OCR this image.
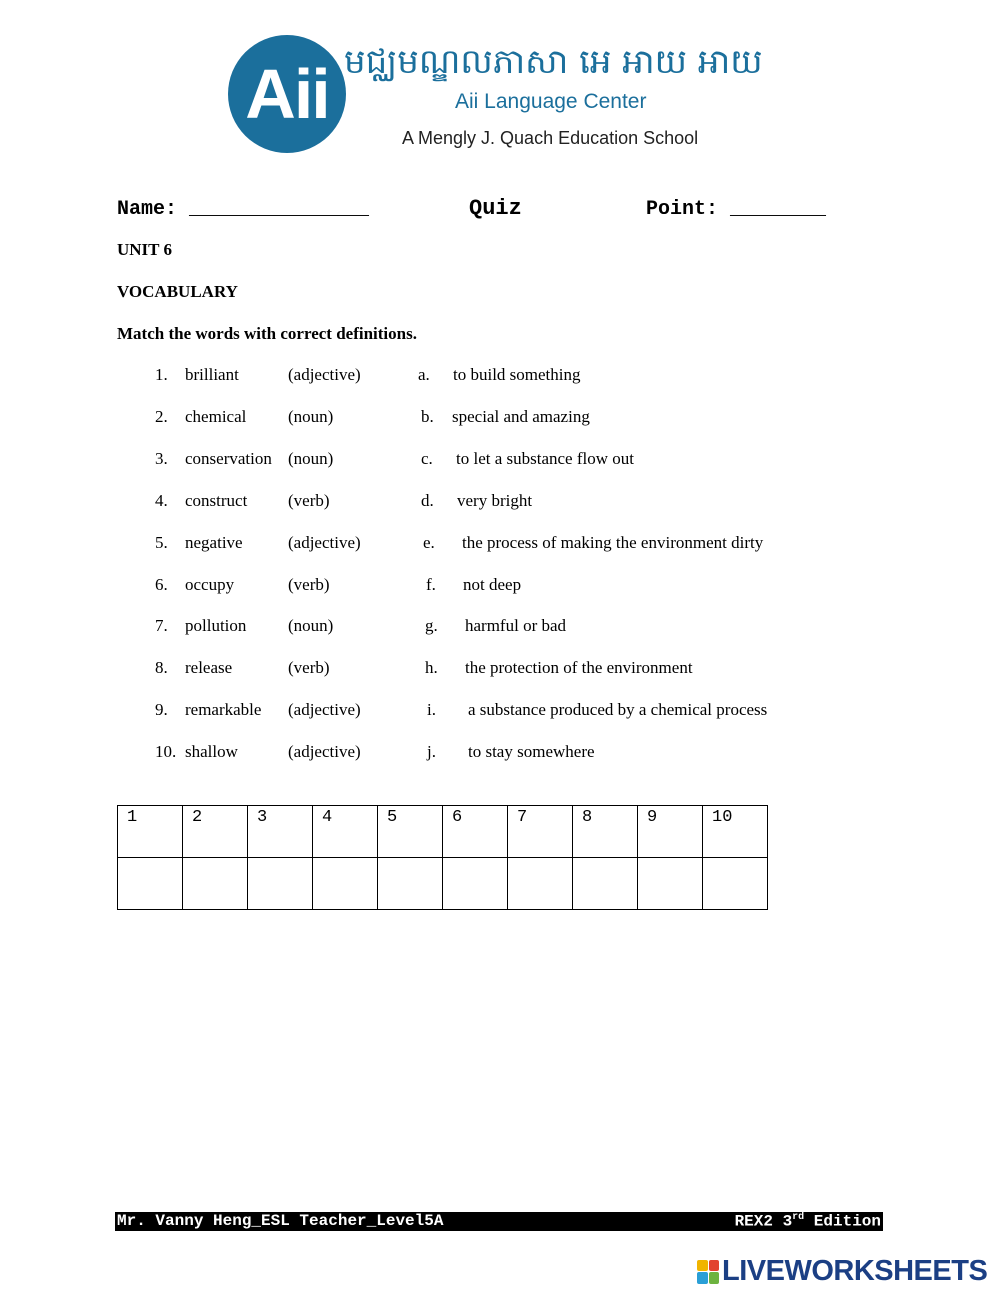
Aii មជ្ឈមណ្ឌលភាសា អេ អាយ អាយ
Aii Language Center
A Mengly J. Quach Education School
Name: _______________	Quiz	Point: ________
UNIT 6
VOCABULARY
Match the words with correct definitions.
1. brilliant	(adjective)	a. to build something
2. chemical (noun)	b. special and amazing
3. conservation (noun)	c. to let a substance flow out
4. construct (verb)	d. very bright
5. negative	(adjective)	e. the process of making the environment dirty
6. occupy	(verb)	f. not deep
7. pollution (noun)	g. harmful or bad
8. release	(verb)	h. the protection of the environment
9. remarkable (adjective)	i. a substance produced by a chemical process
10. shallow	(adjective)	j. to stay somewhere
1	2	3	4	5	6	7	8	9	10

Mr. Vanny Heng_ESL Teacher_Level5A	REX2 3rd Edition
LIVEWORKSHEETS
